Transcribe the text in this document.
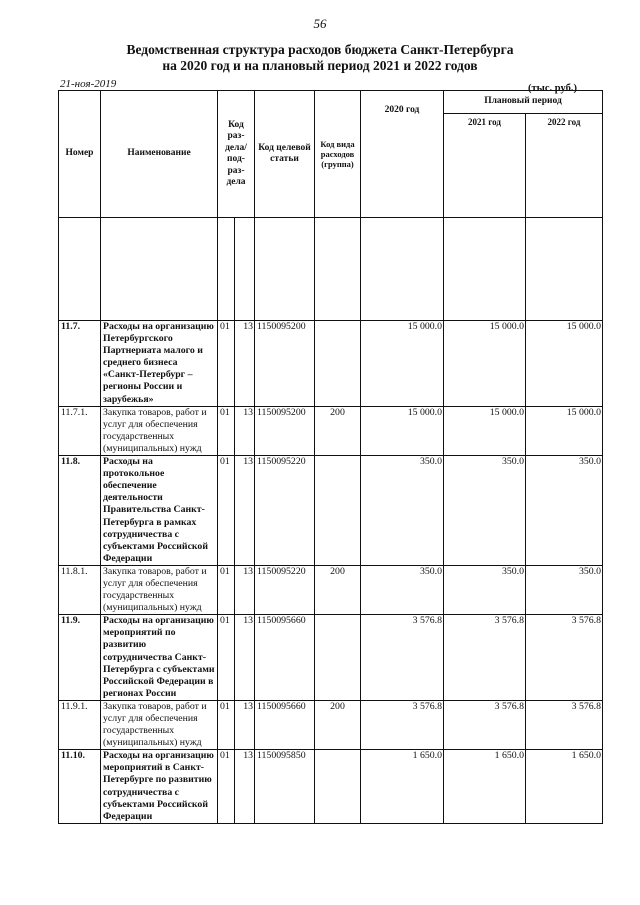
56
Ведомственная структура расходов бюджета Санкт-Петербурга
на 2020 год и на плановый период 2021 и 2022 годов
21-ноя-2019	(тыс. руб.)
Номер	Наименование	Код раз- дела/ под- раз- дела		Код целевой статьи	Код вида расходов (группа)	2020 год	Плановый период	
							2021 год	2022 год

11.7.	Расходы на организацию Петербургского Партнериата малого и среднего бизнеса «Санкт-Петербург – регионы России и зарубежья»	01	13	1150095200		15 000.0	15 000.0	15 000.0
11.7.1.	Закупка товаров, работ и услуг для обеспечения государственных (муниципальных) нужд	01	13	1150095200	200	15 000.0	15 000.0	15 000.0
11.8.	Расходы на протокольное обеспечение деятельности Правительства Санкт-Петербурга в рамках сотрудничества с субъектами Российской Федерации	01	13	1150095220		350.0	350.0	350.0
11.8.1.	Закупка товаров, работ и услуг для обеспечения государственных (муниципальных) нужд	01	13	1150095220	200	350.0	350.0	350.0
11.9.	Расходы на организацию мероприятий по развитию сотрудничества Санкт-Петербурга с субъектами Российской Федерации в регионах России	01	13	1150095660		3 576.8	3 576.8	3 576.8
11.9.1.	Закупка товаров, работ и услуг для обеспечения государственных (муниципальных) нужд	01	13	1150095660	200	3 576.8	3 576.8	3 576.8
11.10.	Расходы на организацию мероприятий в Санкт-Петербурге по развитию сотрудничества с субъектами Российской Федерации	01	13	1150095850		1 650.0	1 650.0	1 650.0
